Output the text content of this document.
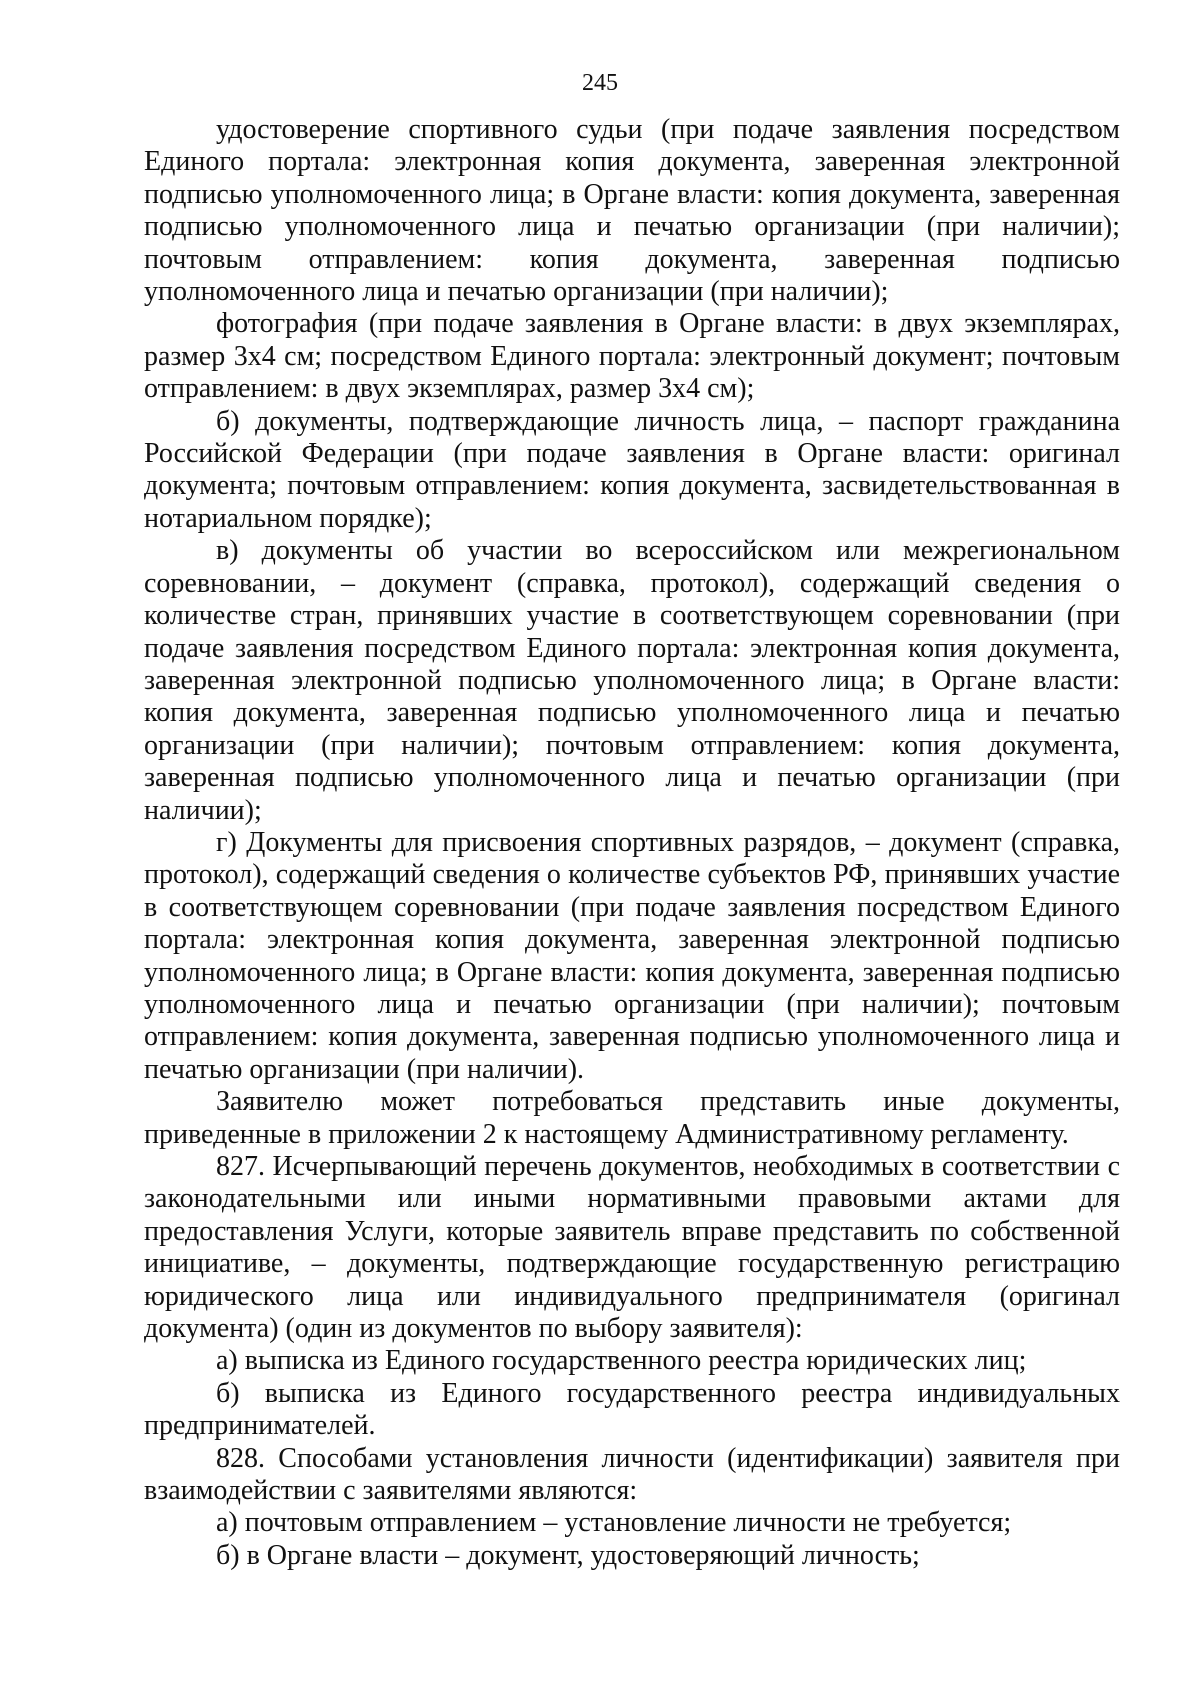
245

удостоверение спортивного судьи (при подаче заявления посредством Единого портала: электронная копия документа, заверенная электронной подписью уполномоченного лица; в Органе власти: копия документа, заверенная подписью уполномоченного лица и печатью организации (при наличии); почтовым отправлением: копия документа, заверенная подписью уполномоченного лица и печатью организации (при наличии);

фотография (при подаче заявления в Органе власти: в двух экземплярах, размер 3х4 см; посредством Единого портала: электронный документ; почтовым отправлением: в двух экземплярах, размер 3х4 см);

б) документы, подтверждающие личность лица, – паспорт гражданина Российской Федерации (при подаче заявления в Органе власти: оригинал документа; почтовым отправлением: копия документа, засвидетельствованная в нотариальном порядке);

в) документы об участии во всероссийском или межрегиональном соревновании, – документ (справка, протокол), содержащий сведения о количестве стран, принявших участие в соответствующем соревновании (при подаче заявления посредством Единого портала: электронная копия документа, заверенная электронной подписью уполномоченного лица; в Органе власти: копия документа, заверенная подписью уполномоченного лица и печатью организации (при наличии); почтовым отправлением: копия документа, заверенная подписью уполномоченного лица и печатью организации (при наличии);

г) Документы для присвоения спортивных разрядов, – документ (справка, протокол), содержащий сведения о количестве субъектов РФ, принявших участие в соответствующем соревновании (при подаче заявления посредством Единого портала: электронная копия документа, заверенная электронной подписью уполномоченного лица; в Органе власти: копия документа, заверенная подписью уполномоченного лица и печатью организации (при наличии); почтовым отправлением: копия документа, заверенная подписью уполномоченного лица и печатью организации (при наличии).

Заявителю может потребоваться представить иные документы, приведенные в приложении 2 к настоящему Административному регламенту.

827. Исчерпывающий перечень документов, необходимых в соответствии с законодательными или иными нормативными правовыми актами для предоставления Услуги, которые заявитель вправе представить по собственной инициативе, – документы, подтверждающие государственную регистрацию юридического лица или индивидуального предпринимателя (оригинал документа) (один из документов по выбору заявителя):

а) выписка из Единого государственного реестра юридических лиц;

б) выписка из Единого государственного реестра индивидуальных предпринимателей.

828. Способами установления личности (идентификации) заявителя при взаимодействии с заявителями являются:

а) почтовым отправлением – установление личности не требуется;

б) в Органе власти – документ, удостоверяющий личность;
